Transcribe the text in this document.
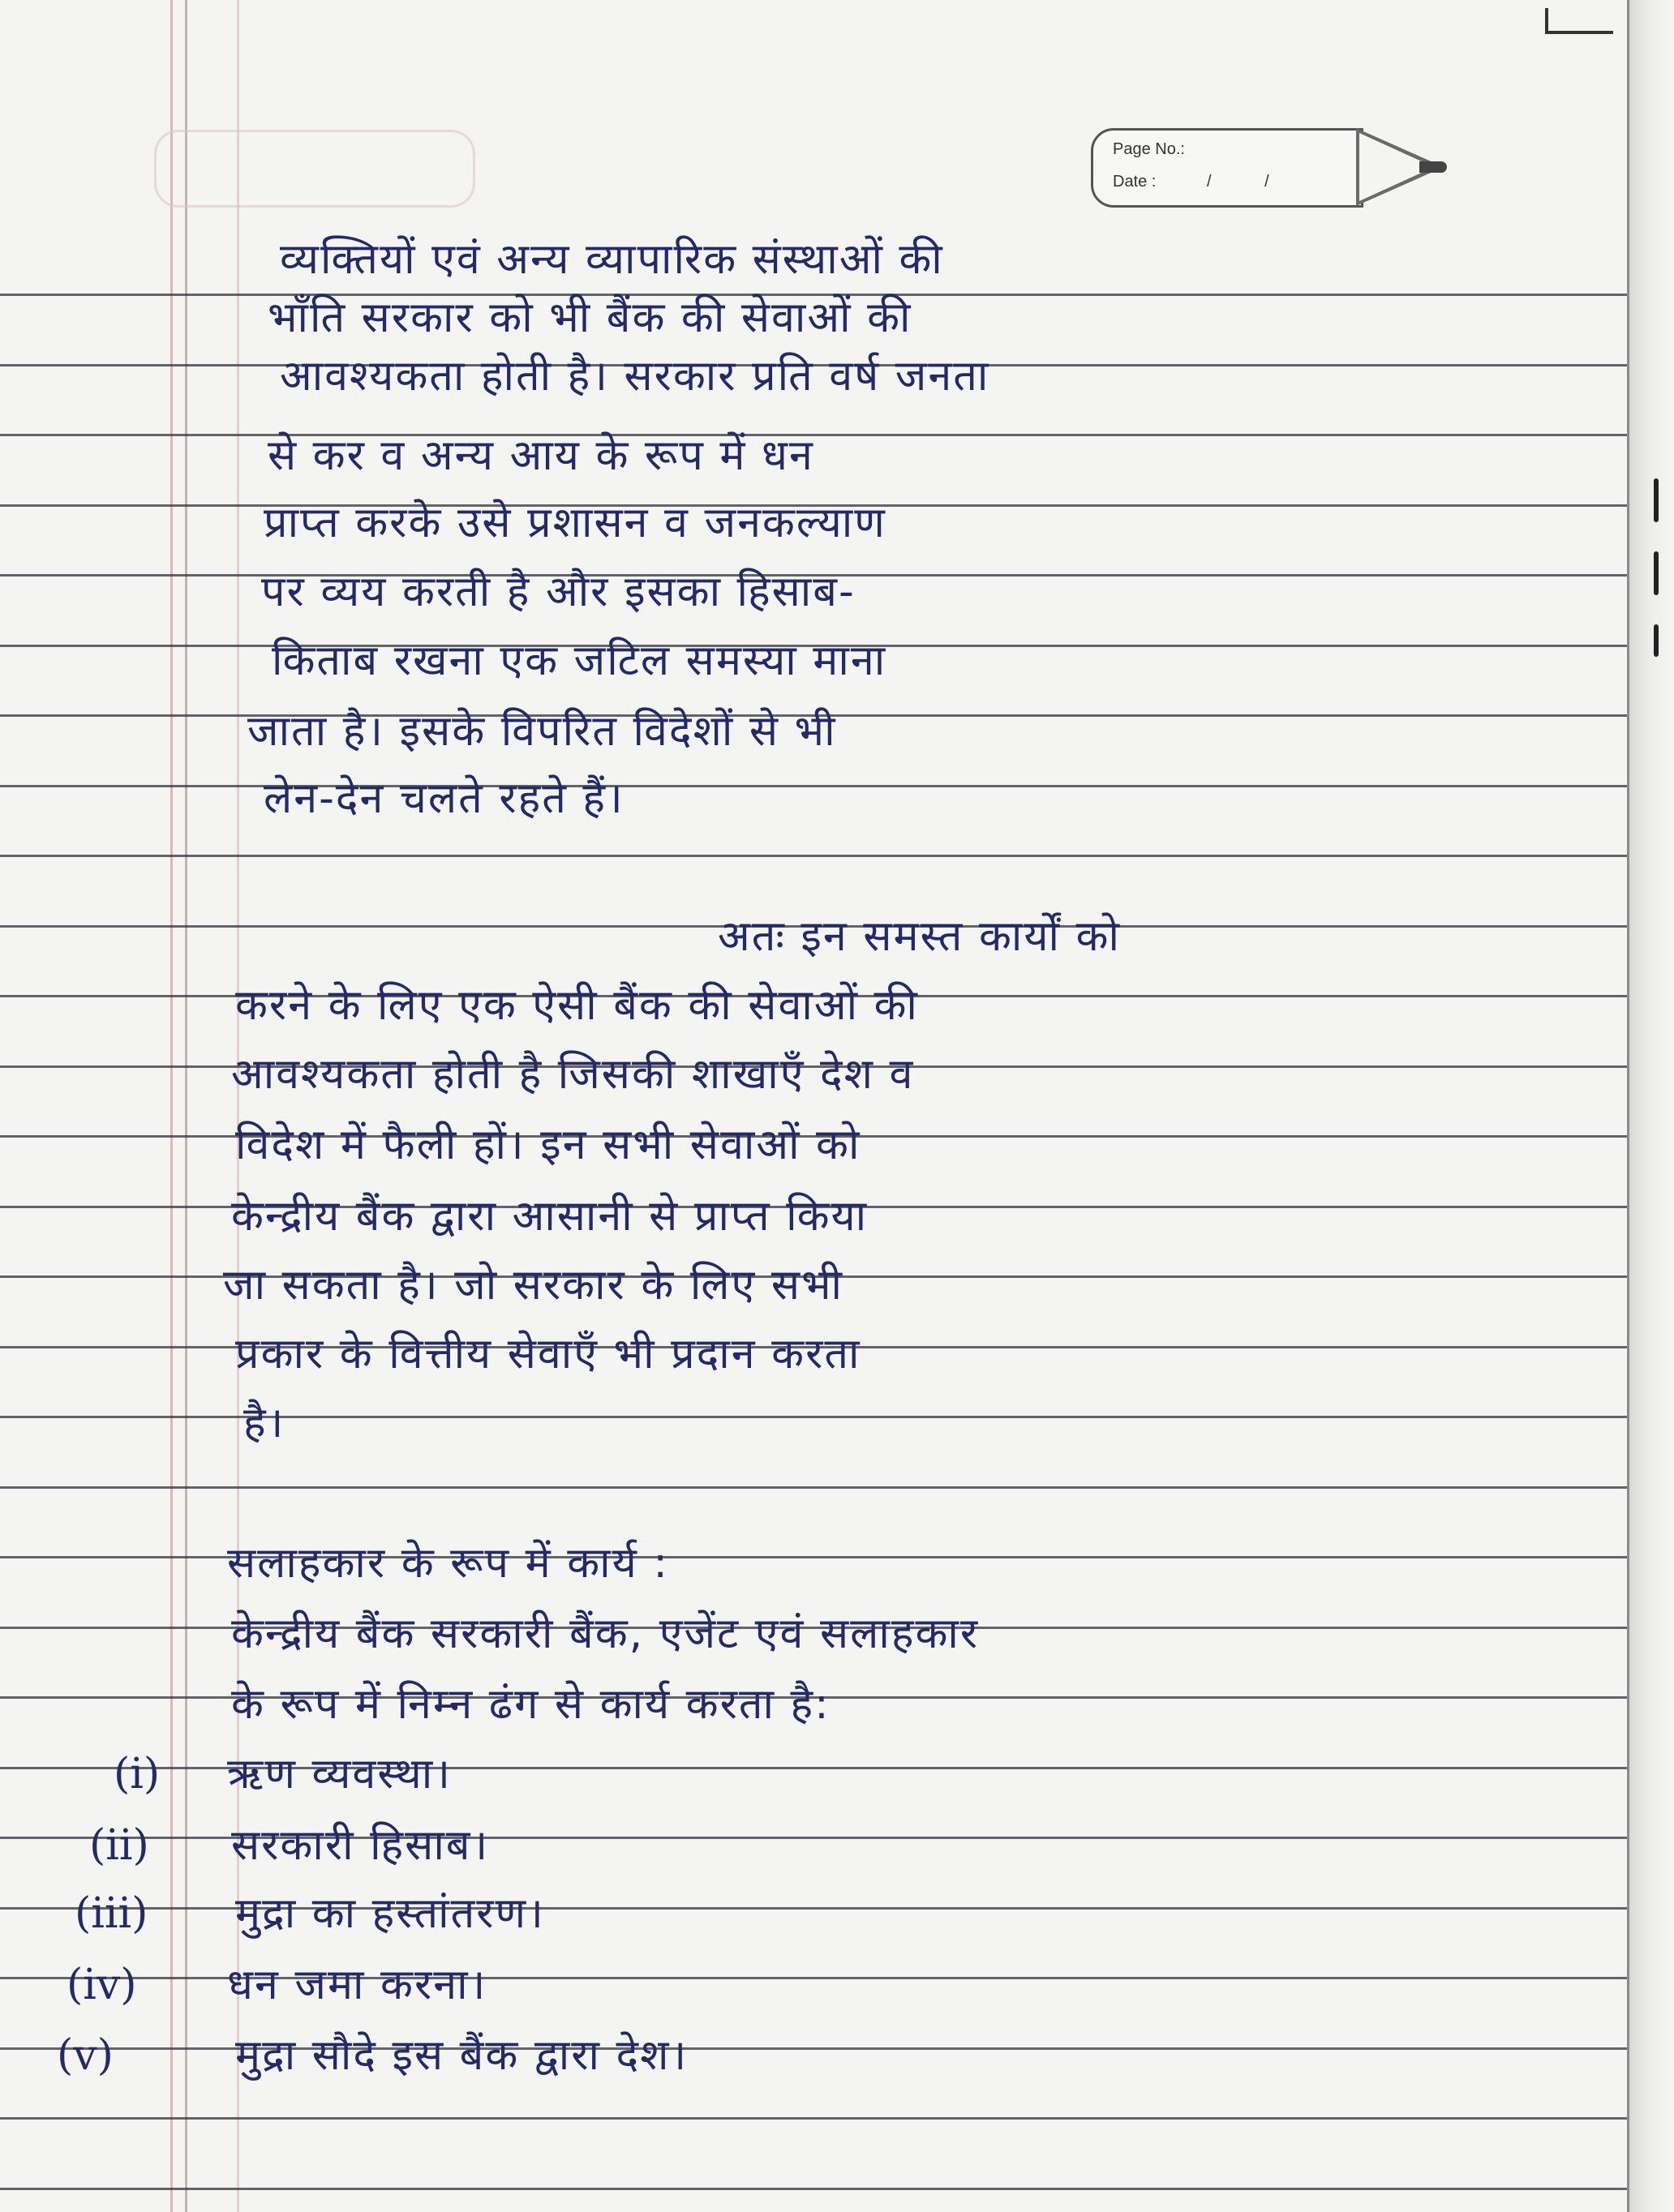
Page No.:
Date :	/ /
व्यक्तियों एवं अन्य व्यापारिक संस्थाओं की
भाँति सरकार को भी बैंक की सेवाओं की
आवश्यकता होती है। सरकार प्रति वर्ष जनता
से कर व अन्य आय के रूप में धन
प्राप्त करके उसे प्रशासन व जनकल्याण
पर व्यय करती है और इसका हिसाब-
किताब रखना एक जटिल समस्या माना
जाता है। इसके विपरित विदेशों से भी
लेन-देन चलते रहते हैं।
अतः इन समस्त कार्यों को
करने के लिए एक ऐसी बैंक की सेवाओं की
आवश्यकता होती है जिसकी शाखाएँ देश व
विदेश में फैली हों। इन सभी सेवाओं को
केन्द्रीय बैंक द्वारा आसानी से प्राप्त किया
जा सकता है। जो सरकार के लिए सभी
प्रकार के वित्तीय सेवाएँ भी प्रदान करता
है।
सलाहकार के रूप में कार्य :
केन्द्रीय बैंक सरकारी बैंक, एजेंट एवं सलाहकार
के रूप में निम्न ढंग से कार्य करता है:
(i) ऋण व्यवस्था।
(ii) सरकारी हिसाब।
(iii) मुद्रा का हस्तांतरण।
(iv) धन जमा करना।
(v)	मुद्रा सौदे इस बैंक द्वारा देश।
